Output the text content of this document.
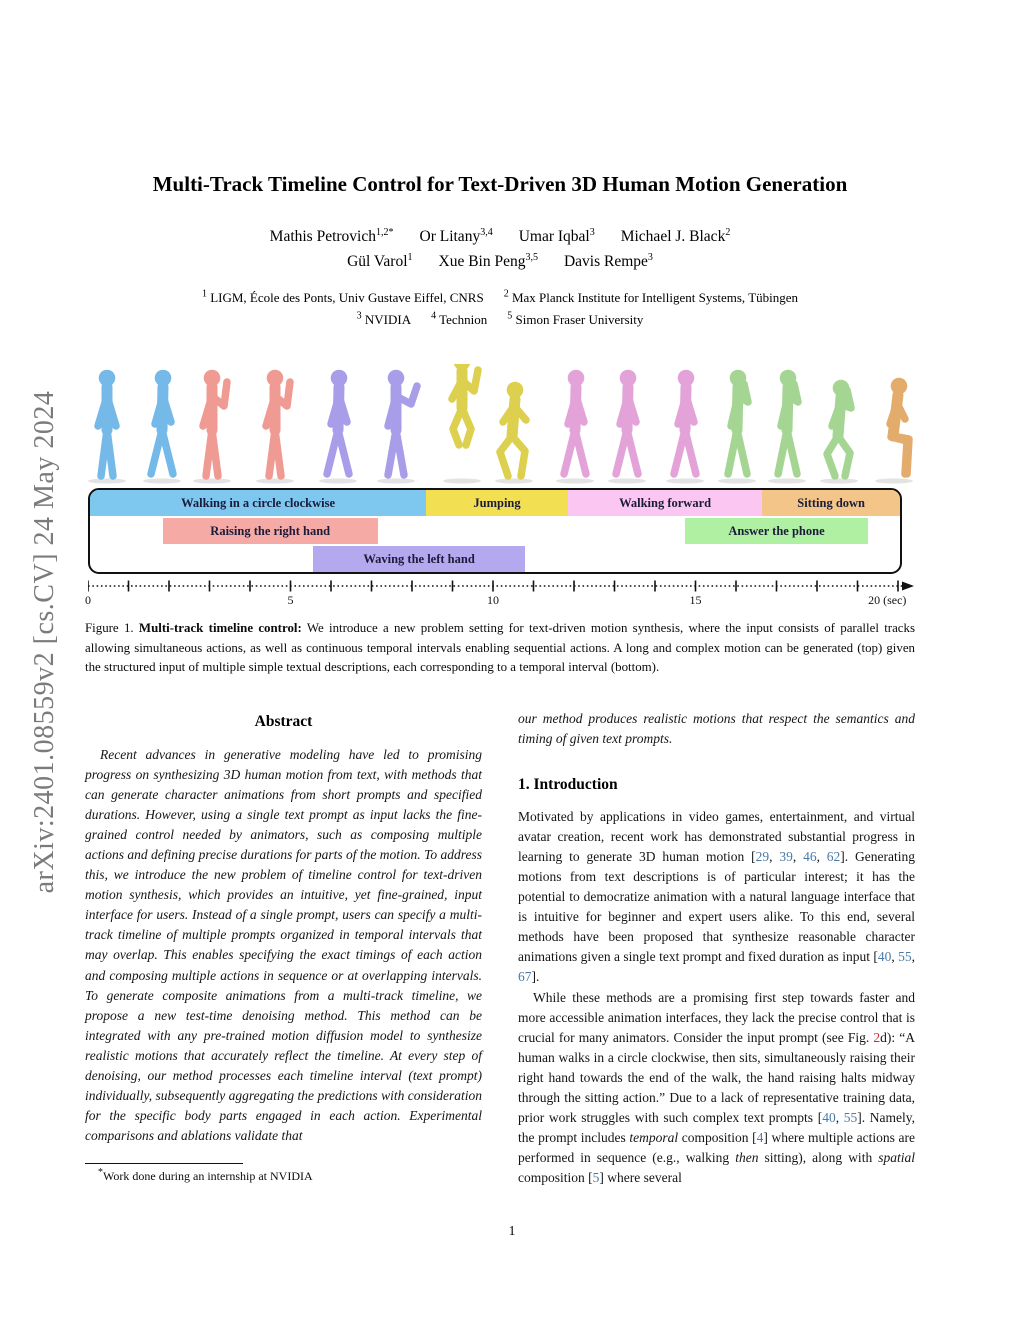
arXiv:2401.08559v2 [cs.CV] 24 May 2024
Multi-Track Timeline Control for Text-Driven 3D Human Motion Generation
Mathis Petrovich$^{1,2*}$ Or Litany$^{3,4}$ Umar Iqbal$^3$ Michael J. Black$^2$
Gül Varol$^1$ Xue Bin Peng$^{3,5}$ Davis Rempe$^3$
$^1$ LIGM, École des Ponts, Univ Gustave Eiffel, CNRS $^2$ Max Planck Institute for Intelligent Systems, Tübingen
$^3$ NVIDIA $^4$ Technion $^5$ Simon Fraser University
Walking in a circle clockwise	Jumping	Walking forward	Sitting down
Raising the right hand	Answer the phone
Waving the left hand
0	5	10	15	20 (sec)
Figure 1. Multi-track timeline control: We introduce a new problem setting for text-driven motion synthesis, where the input consists of parallel tracks allowing simultaneous actions, as well as continuous temporal intervals enabling sequential actions. A long and complex motion can be generated (top) given the structured input of multiple simple textual descriptions, each corresponding to a temporal interval (bottom).
Abstract

Recent advances in generative modeling have led to promising progress on synthesizing 3D human motion from text, with methods that can generate character animations from short prompts and specified durations. However, using a single text prompt as input lacks the fine-grained control needed by animators, such as composing multiple actions and defining precise durations for parts of the motion. To address this, we introduce the new problem of timeline control for text-driven motion synthesis, which provides an intuitive, yet fine-grained, input interface for users. Instead of a single prompt, users can specify a multi-track timeline of multiple prompts organized in temporal intervals that may overlap. This enables specifying the exact timings of each action and composing multiple actions in sequence or at overlapping intervals. To generate composite animations from a multi-track timeline, we propose a new test-time denoising method. This method can be integrated with any pre-trained motion diffusion model to synthesize realistic motions that accurately reflect the timeline. At every step of denoising, our method processes each timeline interval (text prompt) individually, subsequently aggregating the predictions with consideration for the specific body parts engaged in each action. Experimental comparisons and ablations validate that

*Work done during an internship at NVIDIA

our method produces realistic motions that respect the semantics and timing of given text prompts.

1. Introduction

Motivated by applications in video games, entertainment, and virtual avatar creation, recent work has demonstrated substantial progress in learning to generate 3D human motion [29, 39, 46, 62]. Generating motions from text descriptions is of particular interest; it has the potential to democratize animation with a natural language interface that is intuitive for beginner and expert users alike. To this end, several methods have been proposed that synthesize reasonable character animations given a single text prompt and fixed duration as input [40, 55, 67].

While these methods are a promising first step towards faster and more accessible animation interfaces, they lack the precise control that is crucial for many animators. Consider the input prompt (see Fig. 2d): “A human walks in a circle clockwise, then sits, simultaneously raising their right hand towards the end of the walk, the hand raising halts midway through the sitting action.” Due to a lack of representative training data, prior work struggles with such complex text prompts [40, 55]. Namely, the prompt includes temporal composition [4] where multiple actions are performed in sequence (e.g., walking then sitting), along with spatial composition [5] where several

1
